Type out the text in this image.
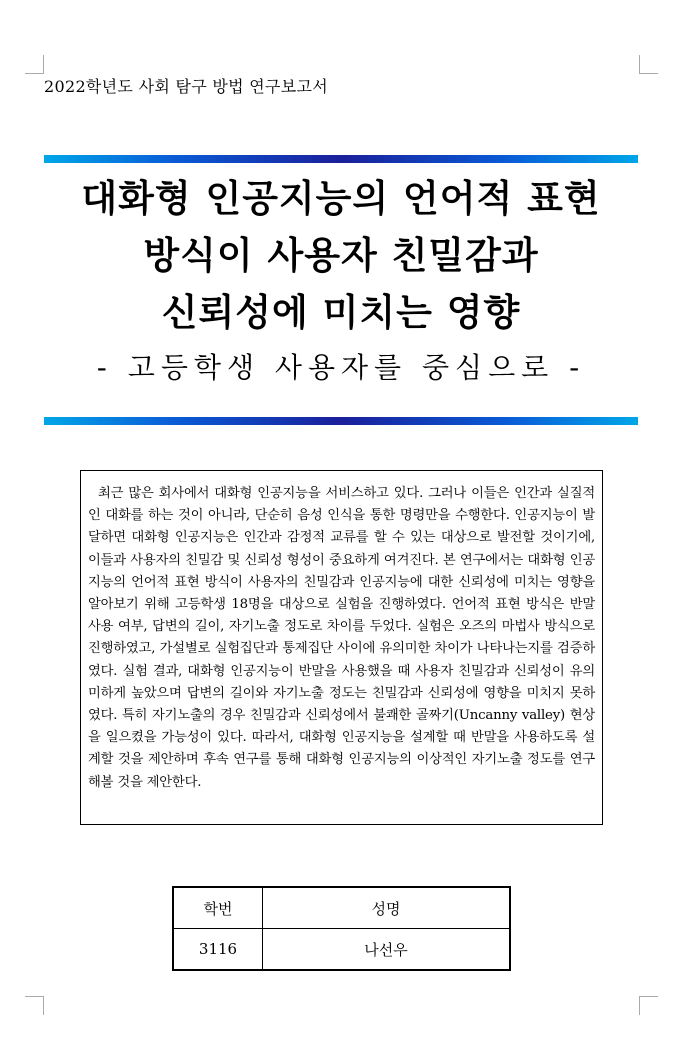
2022학년도 사회 탐구 방법 연구보고서
대화형 인공지능의 언어적 표현
방식이 사용자 친밀감과
신뢰성에 미치는 영향
- 고등학생 사용자를 중심으로 -
최근 많은 회사에서 대화형 인공지능을 서비스하고 있다. 그러나 이들은 인간과 실질적인 대화를 하는 것이 아니라, 단순히 음성 인식을 통한 명령만을 수행한다. 인공지능이 발달하면 대화형 인공지능은 인간과 감정적 교류를 할 수 있는 대상으로 발전할 것이기에, 이들과 사용자의 친밀감 및 신뢰성 형성이 중요하게 여겨진다. 본 연구에서는 대화형 인공지능의 언어적 표현 방식이 사용자의 친밀감과 인공지능에 대한 신뢰성에 미치는 영향을 알아보기 위해 고등학생 18명을 대상으로 실험을 진행하였다. 언어적 표현 방식은 반말 사용 여부, 답변의 길이, 자기노출 정도로 차이를 두었다. 실험은 오즈의 마법사 방식으로 진행하였고, 가설별로 실험집단과 통제집단 사이에 유의미한 차이가 나타나는지를 검증하였다. 실험 결과, 대화형 인공지능이 반말을 사용했을 때 사용자 친밀감과 신뢰성이 유의미하게 높았으며 답변의 길이와 자기노출 정도는 친밀감과 신뢰성에 영향을 미치지 못하였다. 특히 자기노출의 경우 친밀감과 신뢰성에서 불쾌한 골짜기(Uncanny valley) 현상을 일으켰을 가능성이 있다. 따라서, 대화형 인공지능을 설계할 때 반말을 사용하도록 설계할 것을 제안하며 후속 연구를 통해 대화형 인공지능의 이상적인 자기노출 정도를 연구해볼 것을 제안한다.
학번	성명
3116	나선우
